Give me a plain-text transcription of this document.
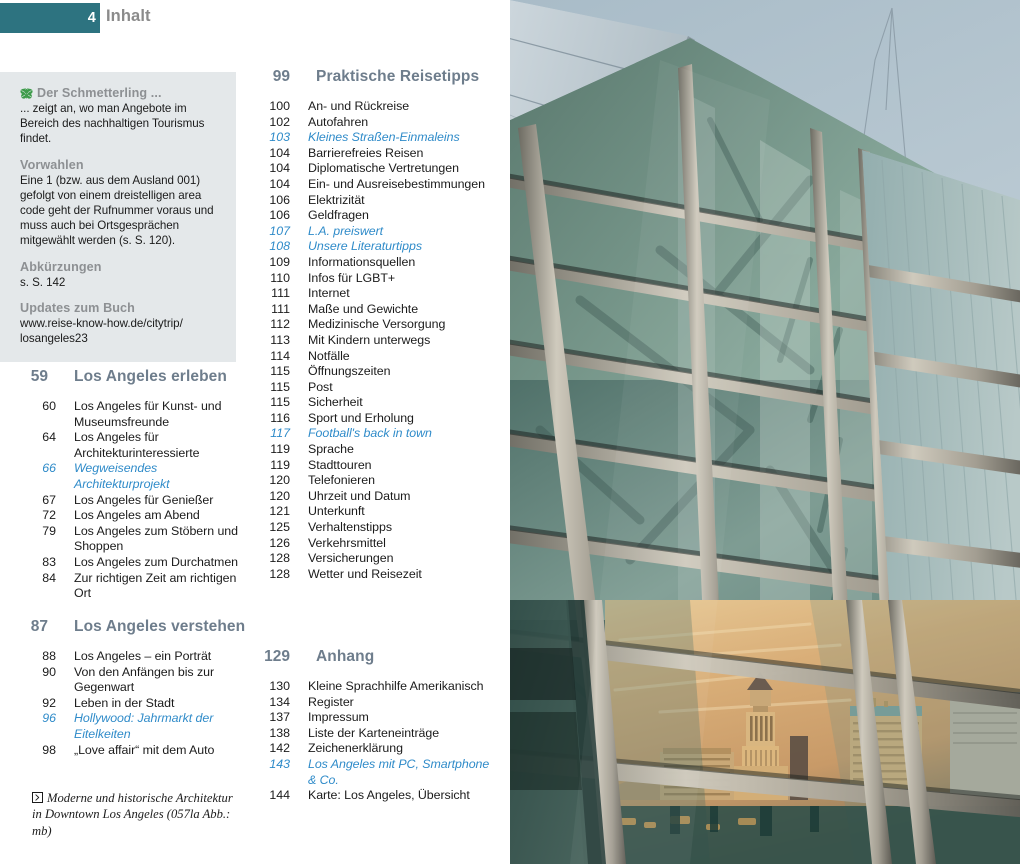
4 Inhalt
Der Schmetterling ...
... zeigt an, wo man Angebote im Bereich des nachhaltigen Tourismus findet.
Vorwahlen
Eine 1 (bzw. aus dem Ausland 001) gefolgt von einem dreistelligen area code geht der Rufnummer voraus und muss auch bei Ortsgesprächen mitgewählt werden (s. S. 120).
Abkürzungen
s. S. 142
Updates zum Buch
www.reise-know-how.de/citytrip/ losangeles23
59 Los Angeles erleben
60 Los Angeles für Kunst- und Museumsfreunde
64 Los Angeles für Architekturinteressierte
66 Wegweisendes Architekturprojekt
67 Los Angeles für Genießer
72 Los Angeles am Abend
79 Los Angeles zum Stöbern und Shoppen
83 Los Angeles zum Durchatmen
84 Zur richtigen Zeit am richtigen Ort
87 Los Angeles verstehen
88 Los Angeles – ein Porträt
90 Von den Anfängen bis zur Gegenwart
92 Leben in der Stadt
96 Hollywood: Jahrmarkt der Eitelkeiten
98 „Love affair“ mit dem Auto
Moderne und historische Architektur in Downtown Los Angeles (057la Abb.: mb)
99 Praktische Reisetipps
100 An- und Rückreise
102 Autofahren
103 Kleines Straßen-Einmaleins
104 Barrierefreies Reisen
104 Diplomatische Vertretungen
104 Ein- und Ausreisebestimmungen
106 Elektrizität
106 Geldfragen
107 L.A. preiswert
108 Unsere Literaturtipps
109 Informationsquellen
110 Infos für LGBT+
111 Internet
111 Maße und Gewichte
112 Medizinische Versorgung
113 Mit Kindern unterwegs
114 Notfälle
115 Öffnungszeiten
115 Post
115 Sicherheit
116 Sport und Erholung
117 Football's back in town
119 Sprache
119 Stadttouren
120 Telefonieren
120 Uhrzeit und Datum
121 Unterkunft
125 Verhaltenstipps
126 Verkehrsmittel
128 Versicherungen
128 Wetter und Reisezeit
129 Anhang
130 Kleine Sprachhilfe Amerikanisch
134 Register
137 Impressum
138 Liste der Karteneinträge
142 Zeichenerklärung
143 Los Angeles mit PC, Smartphone & Co.
144 Karte: Los Angeles, Übersicht
